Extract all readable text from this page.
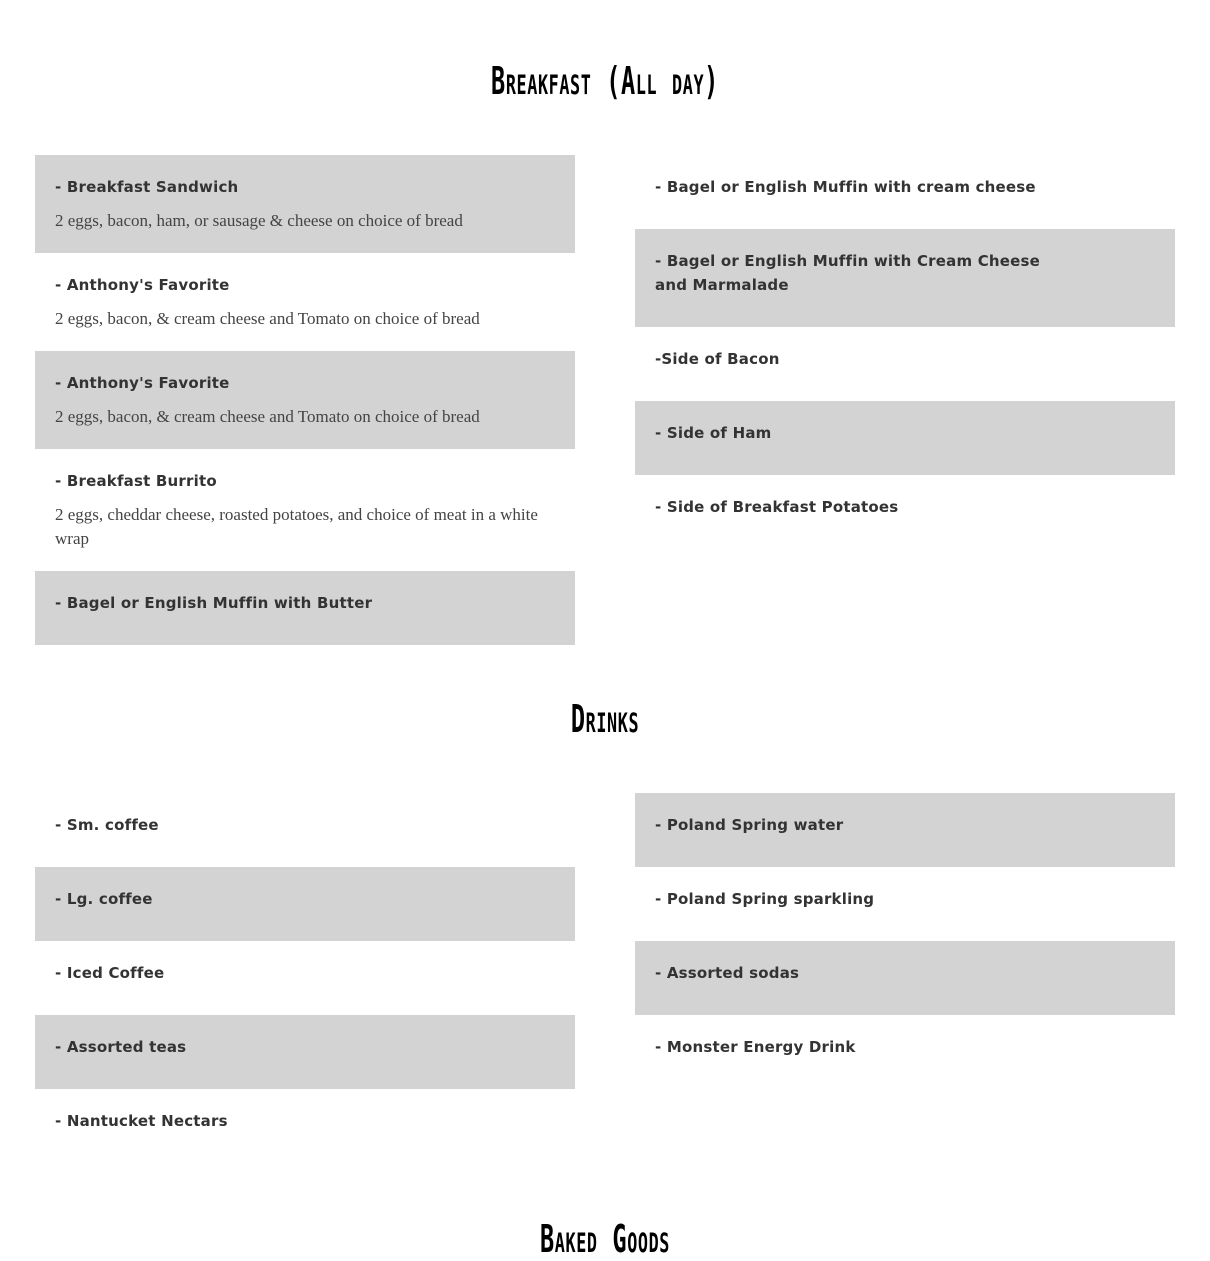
Breakfast (All day)

- Breakfast Sandwich

2 eggs, bacon, ham, or sausage & cheese on choice of bread

- Anthony's Favorite

2 eggs, bacon, & cream cheese and Tomato on choice of bread

- Anthony's Favorite

2 eggs, bacon, & cream cheese and Tomato on choice of bread

- Breakfast Burrito

2 eggs, cheddar cheese, roasted potatoes, and choice of meat in a white wrap

- Bagel or English Muffin with Butter

- Bagel or English Muffin with cream cheese

- Bagel or English Muffin with Cream Cheese and Marmalade

-Side of Bacon

- Side of Ham

- Side of Breakfast Potatoes

Drinks

- Sm. coffee

- Lg. coffee

- Iced Coffee

- Assorted teas

- Nantucket Nectars

- Poland Spring water

- Poland Spring sparkling

- Assorted sodas

- Monster Energy Drink

Baked Goods
